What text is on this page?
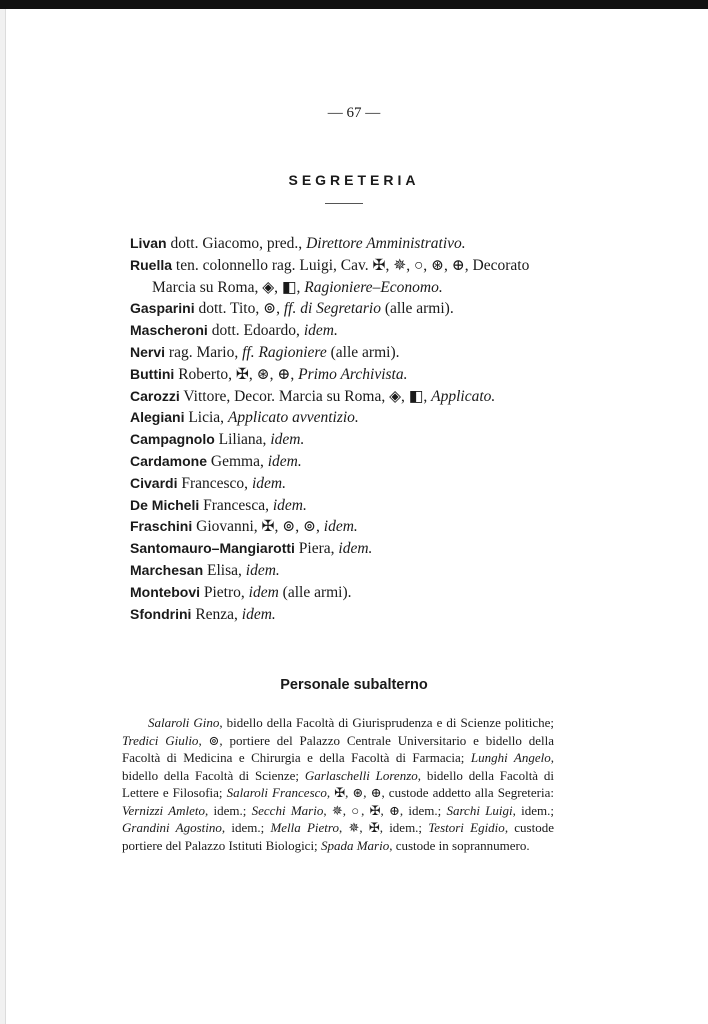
— 67 —
SEGRETERIA

Livan dott. Giacomo, pred., Direttore Amministrativo.

Ruella ten. colonnello rag. Luigi, Cav. ✠, ✵, ○, ⊛, ⊕, Decorato Marcia su Roma, ◈, ◧, Ragioniere–Economo.

Gasparini dott. Tito, ⊚, ff. di Segretario (alle armi).

Mascheroni dott. Edoardo, idem.

Nervi rag. Mario, ff. Ragioniere (alle armi).

Buttini Roberto, ✠, ⊛, ⊕, Primo Archivista.

Carozzi Vittore, Decor. Marcia su Roma, ◈, ◧, Applicato.

Alegiani Licia, Applicato avventizio.

Campagnolo Liliana, idem.

Cardamone Gemma, idem.

Civardi Francesco, idem.

De Micheli Francesca, idem.

Fraschini Giovanni, ✠, ⊚, ⊚, idem.

Santomauro–Mangiarotti Piera, idem.

Marchesan Elisa, idem.

Montebovi Pietro, idem (alle armi).

Sfondrini Renza, idem.

Personale subalterno

Salaroli Gino, bidello della Facoltà di Giurisprudenza e di Scienze politiche; Tredici Giulio, ⊚, portiere del Palazzo Centrale Universitario e bidello della Facoltà di Medicina e Chirurgia e della Facoltà di Farmacia; Lunghi Angelo, bidello della Facoltà di Scienze; Garlaschelli Lorenzo, bidello della Facoltà di Lettere e Filosofia; Salaroli Francesco, ✠, ⊛, ⊕, custode addetto alla Segreteria: Vernizzi Amleto, idem.; Secchi Mario, ✵, ○, ✠, ⊕, idem.; Sarchi Luigi, idem.; Grandini Agostino, idem.; Mella Pietro, ✵, ✠, idem.; Testori Egidio, custode portiere del Palazzo Istituti Biologici; Spada Mario, custode in soprannumero.
